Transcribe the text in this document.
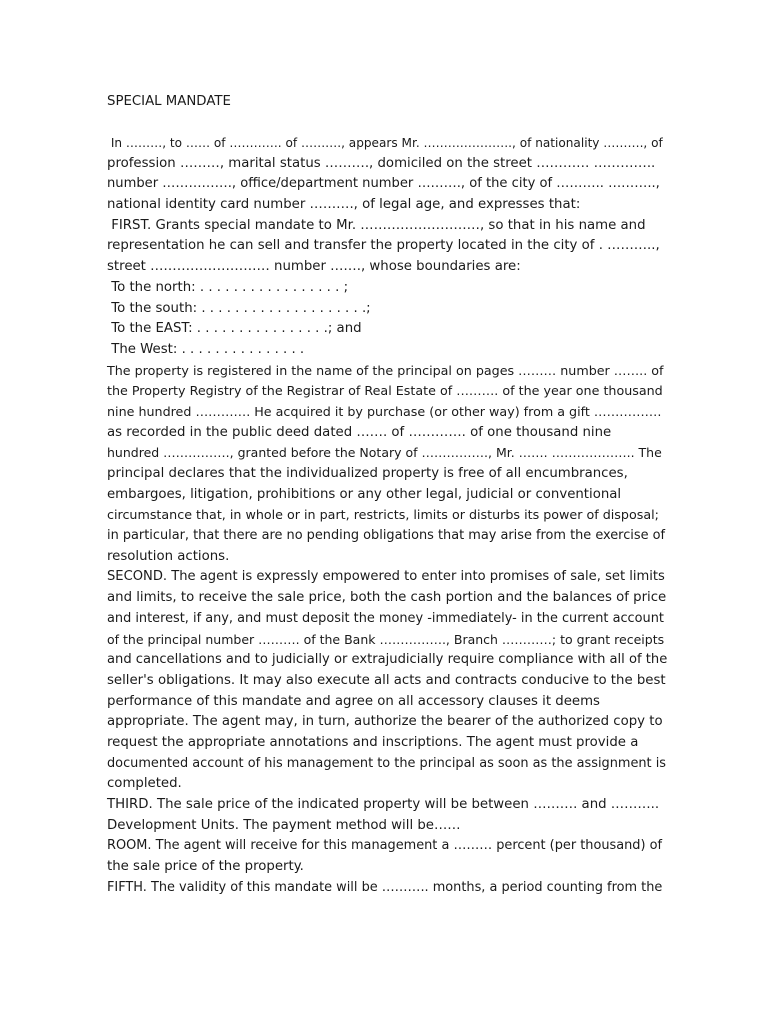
SPECIAL MANDATE
In ………, to …… of …………. of ………., appears Mr. …………………., of nationality ………., of
profession ………, marital status ………., domiciled on the street ………… …………..
number ……………., office/department number ………., of the city of ……….. ………..,
national identity card number ………., of legal age, and expresses that:
FIRST. Grants special mandate to Mr. ………………………, so that in his name and
representation he can sell and transfer the property located in the city of . ………..,
street ……………………… number ……., whose boundaries are:
To the north: . . . . . . . . . . . . . . . . . ;
To the south: . . . . . . . . . . . . . . . . . . . .;
To the EAST: . . . . . . . . . . . . . . . .; and
The West: . . . . . . . . . . . . . . .
The property is registered in the name of the principal on pages ……… number …….. of
the Property Registry of the Registrar of Real Estate of ………. of the year one thousand
nine hundred …………. He acquired it by purchase (or other way) from a gift …………….
as recorded in the public deed dated ……. of …………. of one thousand nine
hundred ……………., granted before the Notary of ……………., Mr. ……. ……………….. The
principal declares that the individualized property is free of all encumbrances,
embargoes, litigation, prohibitions or any other legal, judicial or conventional
circumstance that, in whole or in part, restricts, limits or disturbs its power of disposal;
in particular, that there are no pending obligations that may arise from the exercise of
resolution actions.
SECOND. The agent is expressly empowered to enter into promises of sale, set limits
and limits, to receive the sale price, both the cash portion and the balances of price
and interest, if any, and must deposit the money -immediately- in the current account
of the principal number ………. of the Bank ……………., Branch …………; to grant receipts
and cancellations and to judicially or extrajudicially require compliance with all of the
seller's obligations. It may also execute all acts and contracts conducive to the best
performance of this mandate and agree on all accessory clauses it deems
appropriate. The agent may, in turn, authorize the bearer of the authorized copy to
request the appropriate annotations and inscriptions. The agent must provide a
documented account of his management to the principal as soon as the assignment is
completed.
THIRD. The sale price of the indicated property will be between ………. and ………..
Development Units. The payment method will be……
ROOM. The agent will receive for this management a ……… percent (per thousand) of
the sale price of the property.
FIFTH. The validity of this mandate will be ……….. months, a period counting from the
